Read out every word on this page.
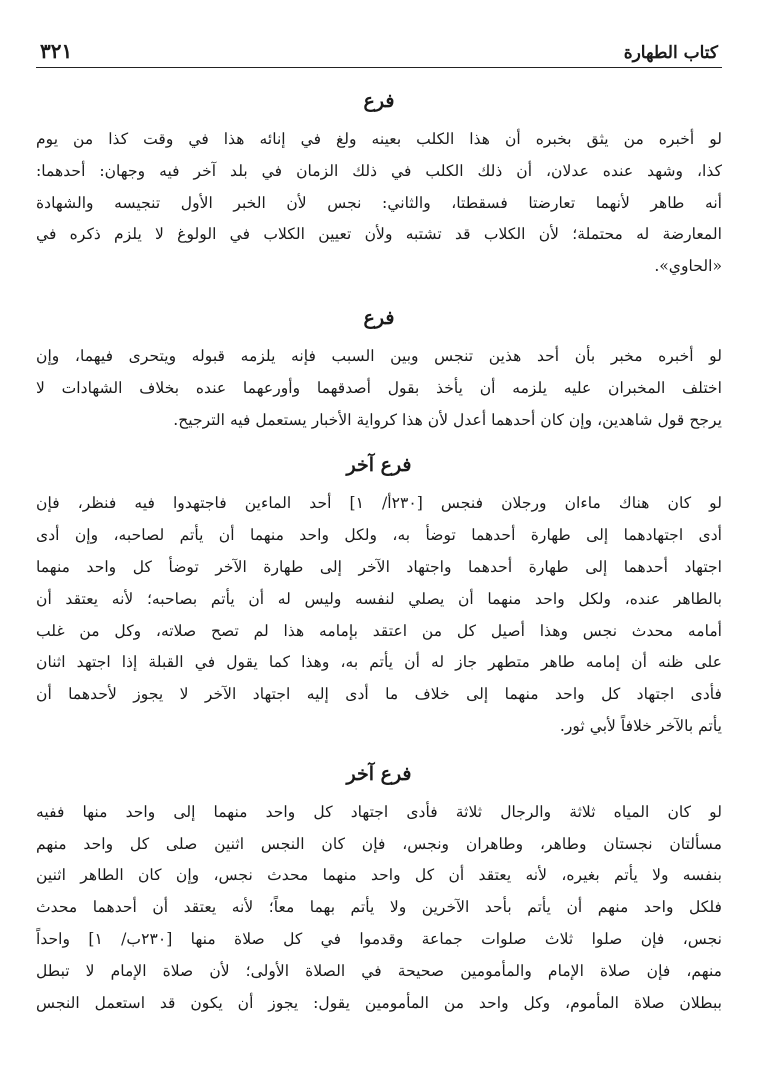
كتاب الطهارة
٣٢١
فرع
لو أخبره من يثق بخبره أن هذا الكلب بعينه ولغ في إنائه هذا في وقت كذا من يوم
كذا، وشهد عنده عدلان، أن ذلك الكلب في ذلك الزمان في بلد آخر فيه وجهان: أحدهما:
أنه طاهر لأنهما تعارضتا فسقطتا، والثاني: نجس لأن الخبر الأول تنجيسه والشهادة
المعارضة له محتملة؛ لأن الكلاب قد تشتبه ولأن تعيين الكلاب في الولوغ لا يلزم ذكره في
«الحاوي».
فرع
لو أخبره مخبر بأن أحد هذين تنجس وبين السبب فإنه يلزمه قبوله ويتحرى فيهما، وإن
اختلف المخبران عليه يلزمه أن يأخذ بقول أصدقهما وأورعهما عنده بخلاف الشهادات لا
يرجح قول شاهدين، وإن كان أحدهما أعدل لأن هذا كرواية الأخبار يستعمل فيه الترجيح.
فرع آخر
لو كان هناك ماءان ورجلان فنجس [٢٣٠أ/ ١] أحد الماءين فاجتهدوا فيه فنظر، فإن
أدى اجتهادهما إلى طهارة أحدهما توضأ به، ولكل واحد منهما أن يأتم لصاحبه، وإن أدى
اجتهاد أحدهما إلى طهارة أحدهما واجتهاد الآخر إلى طهارة الآخر توضأ كل واحد منهما
بالطاهر عنده، ولكل واحد منهما أن يصلي لنفسه وليس له أن يأتم بصاحبه؛ لأنه يعتقد أن
أمامه محدث نجس وهذا أصيل كل من اعتقد بإمامه هذا لم تصح صلاته، وكل من غلب
على ظنه أن إمامه طاهر متطهر جاز له أن يأتم به، وهذا كما يقول في القبلة إذا اجتهد اثنان
فأدى اجتهاد كل واحد منهما إلى خلاف ما أدى إليه اجتهاد الآخر لا يجوز لأحدهما أن
يأتم بالآخر خلافاً لأبي ثور.
فرع آخر
لو كان المياه ثلاثة والرجال ثلاثة فأدى اجتهاد كل واحد منهما إلى واحد منها ففيه
مسألتان نجستان وطاهر، وطاهران ونجس، فإن كان النجس اثنين صلى كل واحد منهم
بنفسه ولا يأتم بغيره، لأنه يعتقد أن كل واحد منهما محدث نجس، وإن كان الطاهر اثنين
فلكل واحد منهم أن يأتم بأحد الآخرين ولا يأتم بهما معاً؛ لأنه يعتقد أن أحدهما محدث
نجس، فإن صلوا ثلاث صلوات جماعة وقدموا في كل صلاة منها [٢٣٠ب/ ١] واحداً
منهم، فإن صلاة الإمام والمأمومين صحيحة في الصلاة الأولى؛ لأن صلاة الإمام لا تبطل
ببطلان صلاة المأموم، وكل واحد من المأمومين يقول: يجوز أن يكون قد استعمل النجس
